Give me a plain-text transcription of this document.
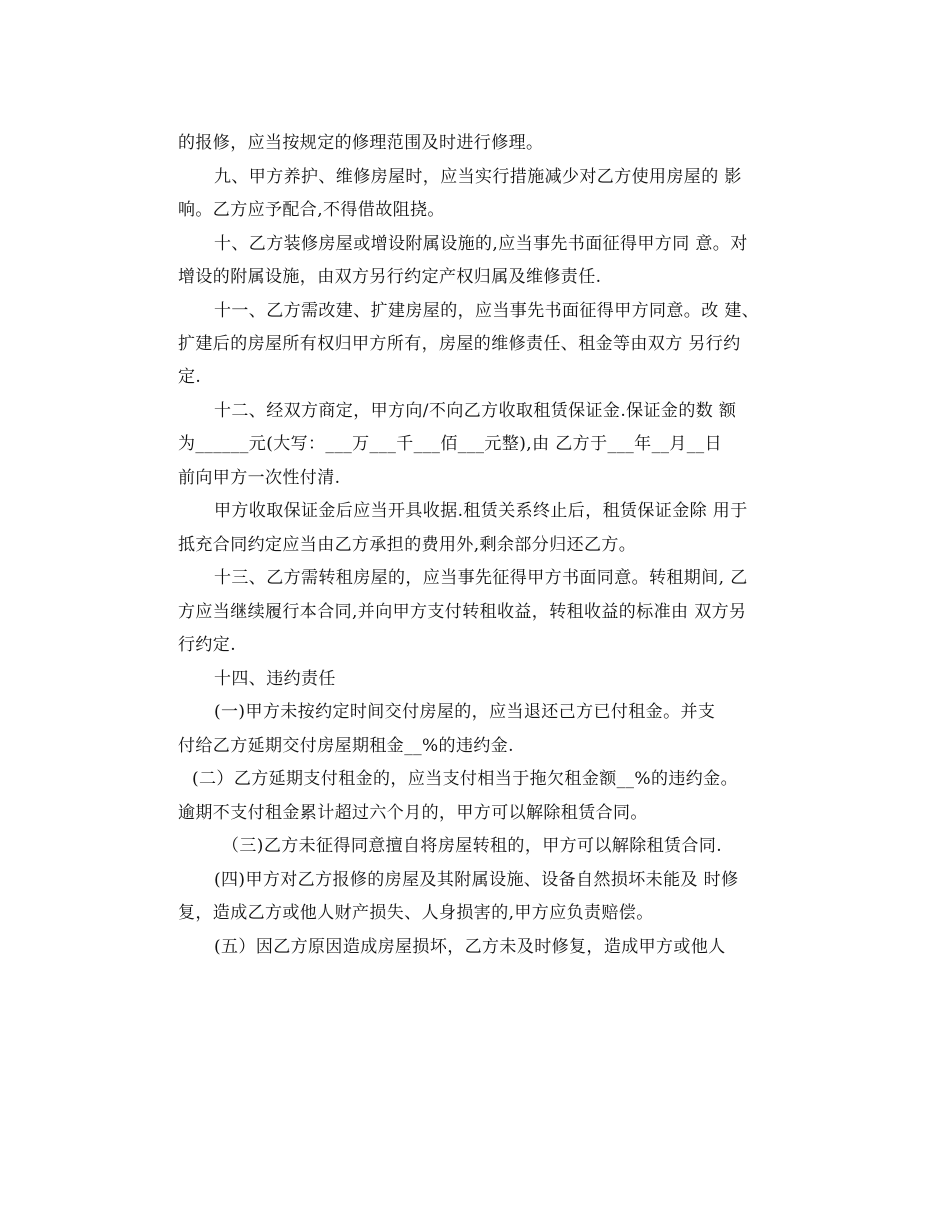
的报修，应当按规定的修理范围及时进行修理。
九、甲方养护、维修房屋时，应当实行措施减少对乙方使用房屋的 影
响。乙方应予配合,不得借故阻挠。
十、乙方装修房屋或增设附属设施的,应当事先书面征得甲方同 意。对
增设的附属设施，由双方另行约定产权归属及维修责任.
十一、乙方需改建、扩建房屋的，应当事先书面征得甲方同意。改 建、
扩建后的房屋所有权归甲方所有，房屋的维修责任、租金等由双方 另行约
定.
十二、经双方商定，甲方向/不向乙方收取租赁保证金.保证金的数 额
为______元(大写：___万___千___佰___元整),由 乙方于___年__月__日
前向甲方一次性付清.
甲方收取保证金后应当开具收据.租赁关系终止后，租赁保证金除 用于
抵充合同约定应当由乙方承担的费用外,剩余部分归还乙方。
十三、乙方需转租房屋的，应当事先征得甲方书面同意。转租期间, 乙
方应当继续履行本合同,并向甲方支付转租收益，转租收益的标准由 双方另
行约定.
十四、违约责任
(一)甲方未按约定时间交付房屋的，应当退还己方已付租金。并支
付给乙方延期交付房屋期租金__%的违约金.
(二）乙方延期支付租金的，应当支付相当于拖欠租金额__%的违约金。
逾期不支付租金累计超过六个月的，甲方可以解除租赁合同。
（三)乙方未征得同意擅自将房屋转租的，甲方可以解除租赁合同.
(四)甲方对乙方报修的房屋及其附属设施、设备自然损坏未能及 时修
复，造成乙方或他人财产损失、人身损害的,甲方应负责赔偿。
(五）因乙方原因造成房屋损坏，乙方未及时修复，造成甲方或他人
